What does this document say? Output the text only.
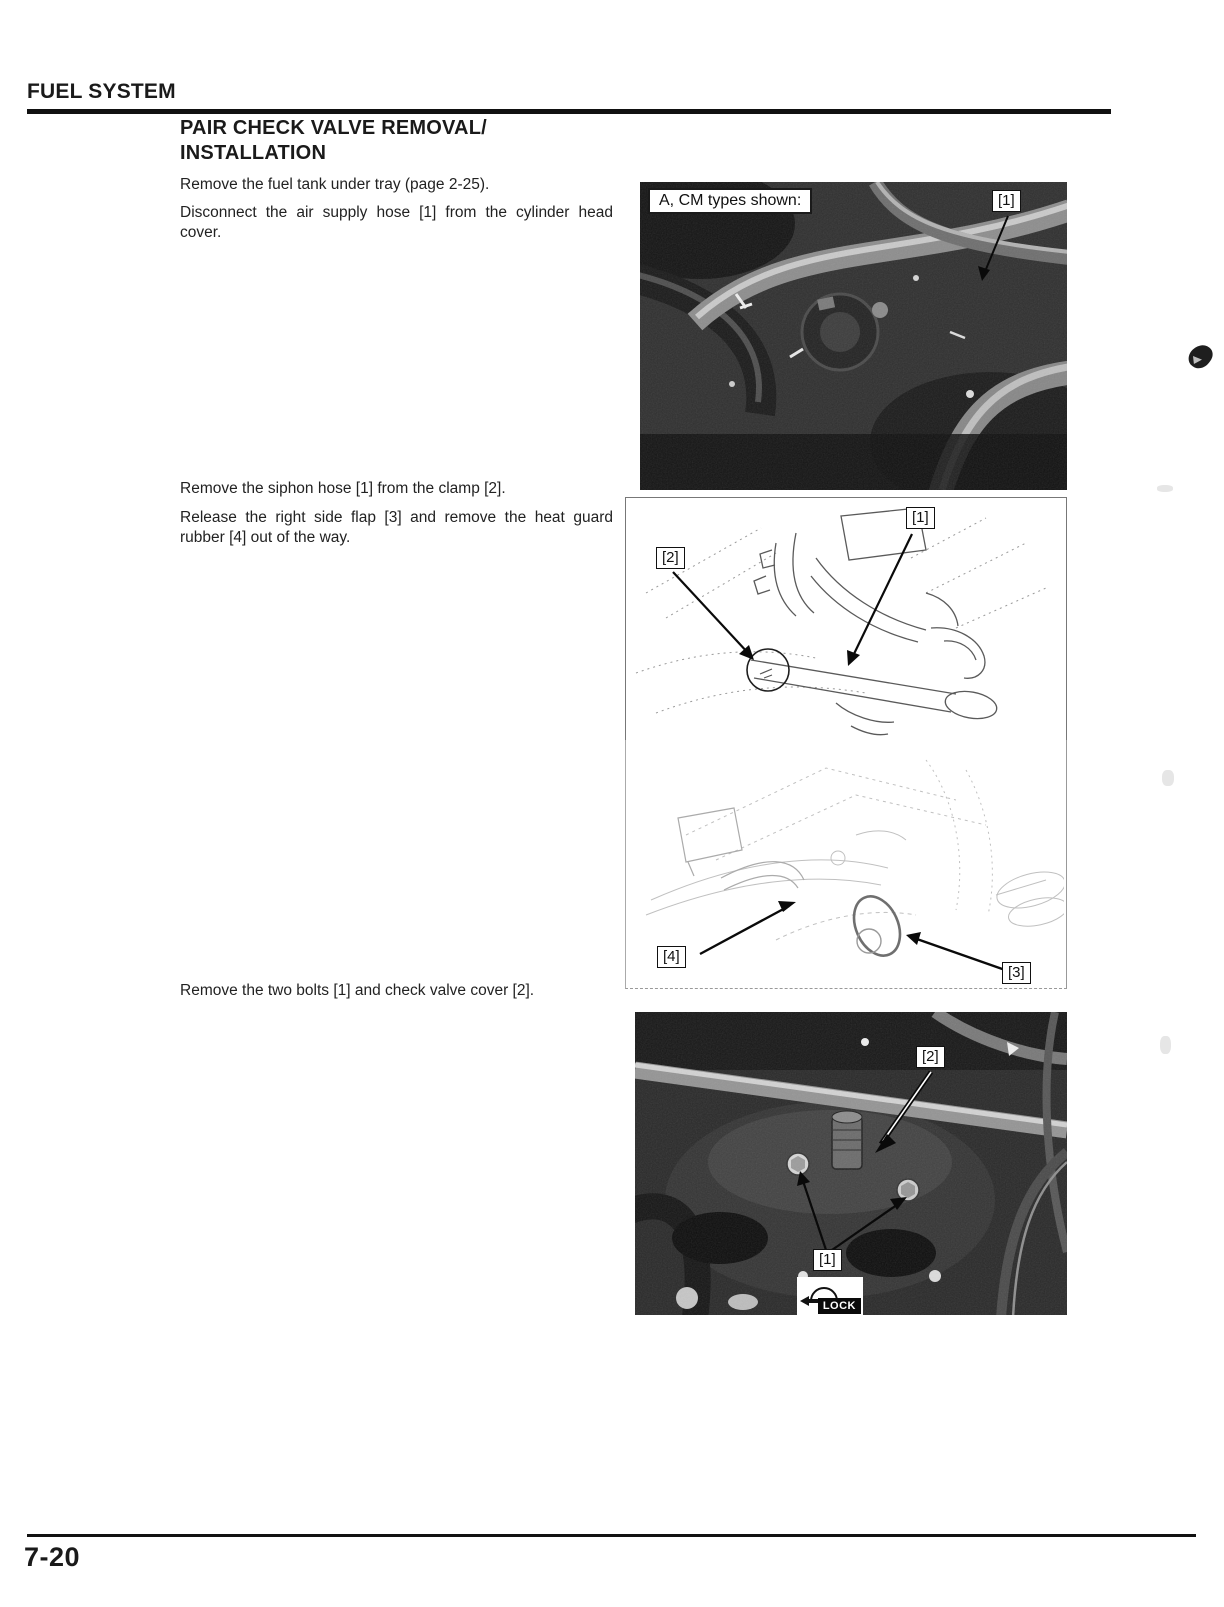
FUEL SYSTEM
PAIR CHECK VALVE REMOVAL/
INSTALLATION
Remove the fuel tank under tray (page 2-25).
Disconnect the air supply hose [1] from the cylinder head cover.
Remove the siphon hose [1] from the clamp [2].
Release the right side flap [3] and remove the heat guard rubber [4] out of the way.
Remove the two bolts [1] and check valve cover [2].
A, CM types shown:	[1]
[1]
[2]
[4]
[3]
[2]
[1]
LOCK
7-20
